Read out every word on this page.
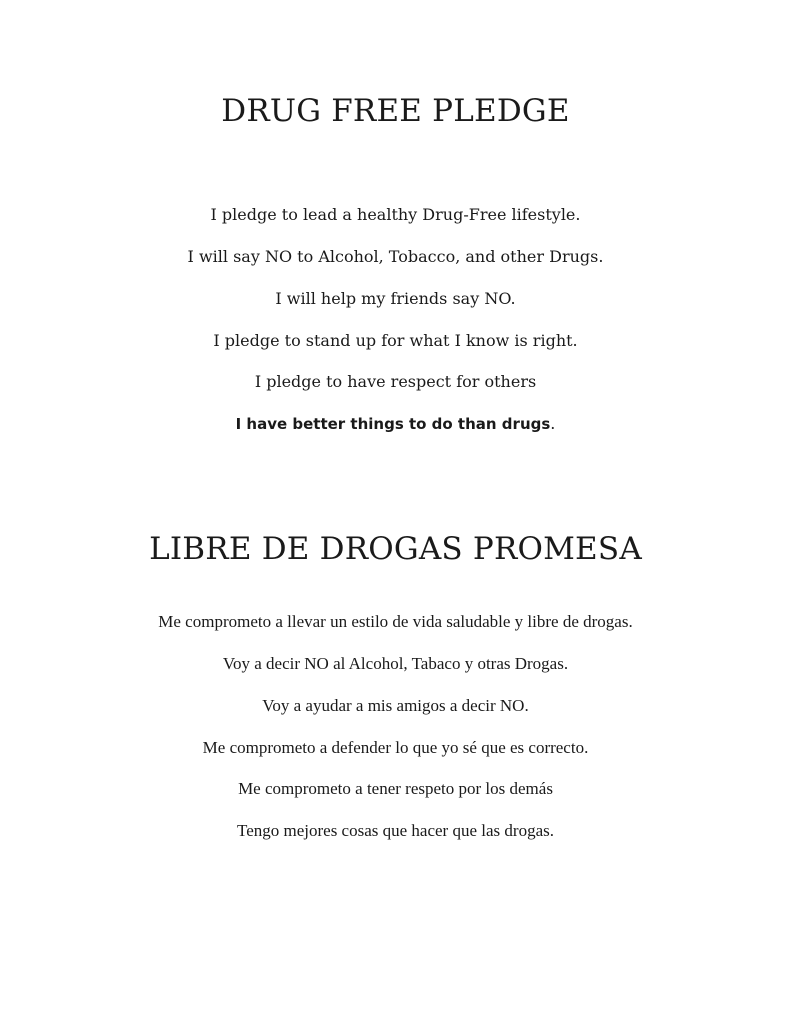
DRUG FREE PLEDGE

I pledge to lead a healthy Drug-Free lifestyle.

I will say NO to Alcohol, Tobacco, and other Drugs.

I will help my friends say NO.

I pledge to stand up for what I know is right.

I pledge to have respect for others

I have better things to do than drugs.

LIBRE DE DROGAS PROMESA

Me comprometo a llevar un estilo de vida saludable y libre de drogas.

Voy a decir NO al Alcohol, Tabaco y otras Drogas.

Voy a ayudar a mis amigos a decir NO.

Me comprometo a defender lo que yo sé que es correcto.

Me comprometo a tener respeto por los demás

Tengo mejores cosas que hacer que las drogas.
